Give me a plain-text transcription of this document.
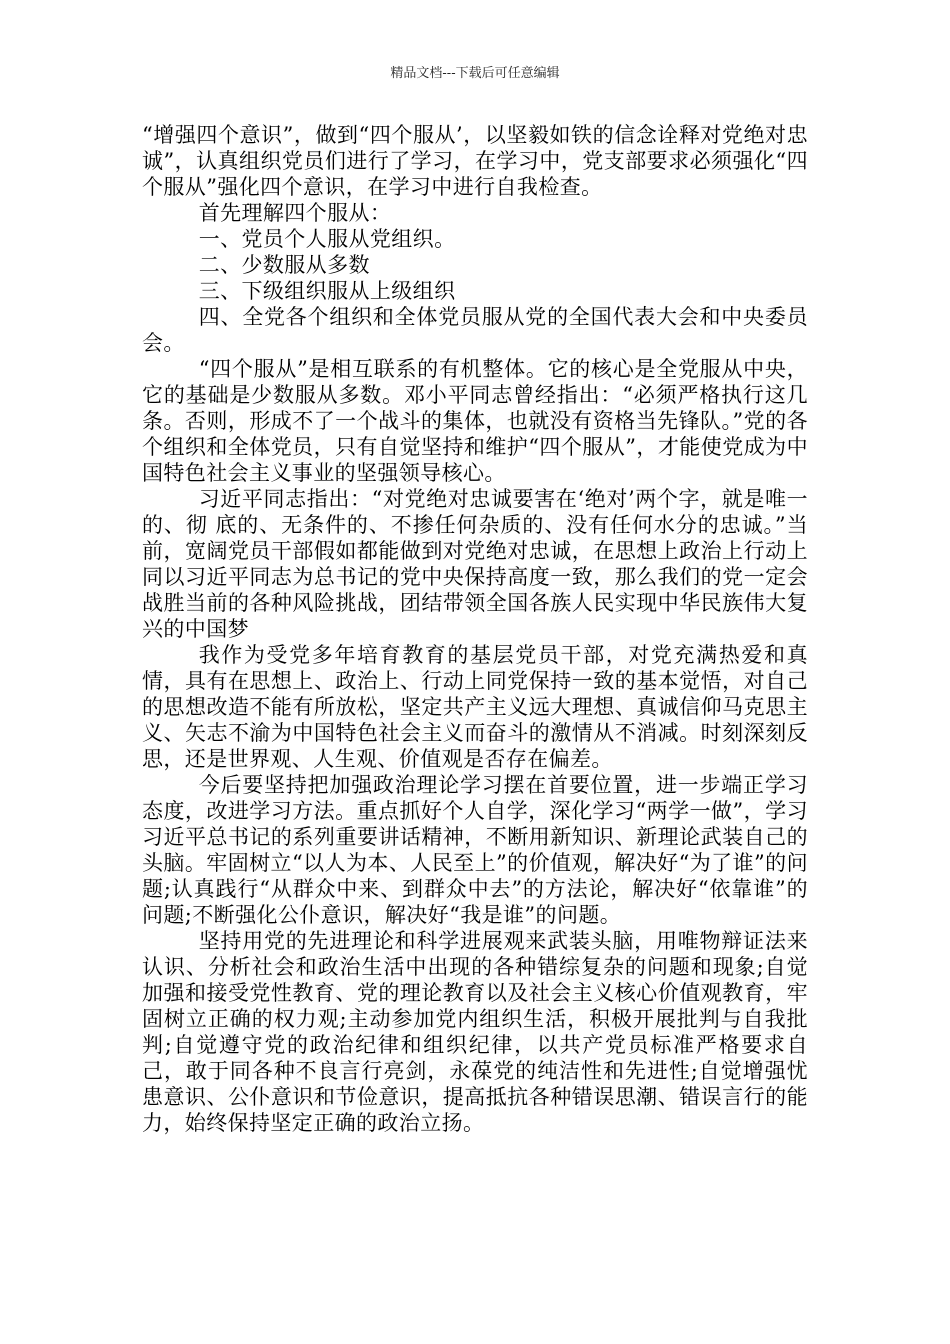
精品文档---下载后可任意编辑

“增强四个意识”，做到“四个服从’，以坚毅如铁的信念诠释对党绝对忠诚”，认真组织党员们进行了学习，在学习中，党支部要求必须强化“四个服从”强化四个意识，在学习中进行自我检查。

首先理解四个服从：

一、党员个人服从党组织。

二、少数服从多数

三、下级组织服从上级组织

四、全党各个组织和全体党员服从党的全国代表大会和中央委员会。

“四个服从”是相互联系的有机整体。它的核心是全党服从中央，它的基础是少数服从多数。邓小平同志曾经指出：“必须严格执行这几条。否则，形成不了一个战斗的集体，也就没有资格当先锋队。”党的各个组织和全体党员，只有自觉坚持和维护“四个服从”，才能使党成为中国特色社会主义事业的坚强领导核心。

习近平同志指出：“对党绝对忠诚要害在‘绝对’两个字，就是唯一的、彻 底的、无条件的、不掺任何杂质的、没有任何水分的忠诚。”当前，宽阔党员干部假如都能做到对党绝对忠诚，在思想上政治上行动上同以习近平同志为总书记的党中央保持高度一致，那么我们的党一定会战胜当前的各种风险挑战，团结带领全国各族人民实现中华民族伟大复兴的中国梦

我作为受党多年培育教育的基层党员干部，对党充满热爱和真情，具有在思想上、政治上、行动上同党保持一致的基本觉悟，对自己的思想改造不能有所放松，坚定共产主义远大理想、真诚信仰马克思主义、矢志不渝为中国特色社会主义而奋斗的激情从不消减。时刻深刻反思，还是世界观、人生观、价值观是否存在偏差。

今后要坚持把加强政治理论学习摆在首要位置，进一步端正学习态度，改进学习方法。重点抓好个人自学，深化学习“两学一做”，学习习近平总书记的系列重要讲话精神，不断用新知识、新理论武装自己的头脑。牢固树立“以人为本、人民至上”的价值观，解决好“为了谁”的问题;认真践行“从群众中来、到群众中去”的方法论，解决好“依靠谁”的问题;不断强化公仆意识，解决好“我是谁”的问题。

坚持用党的先进理论和科学进展观来武装头脑，用唯物辩证法来认识、分析社会和政治生活中出现的各种错综复杂的问题和现象;自觉加强和接受党性教育、党的理论教育以及社会主义核心价值观教育，牢固树立正确的权力观;主动参加党内组织生活，积极开展批判与自我批判;自觉遵守党的政治纪律和组织纪律，以共产党员标准严格要求自己，敢于同各种不良言行亮剑，永葆党的纯洁性和先进性;自觉增强忧患意识、公仆意识和节俭意识，提高抵抗各种错误思潮、错误言行的能力，始终保持坚定正确的政治立扬。
